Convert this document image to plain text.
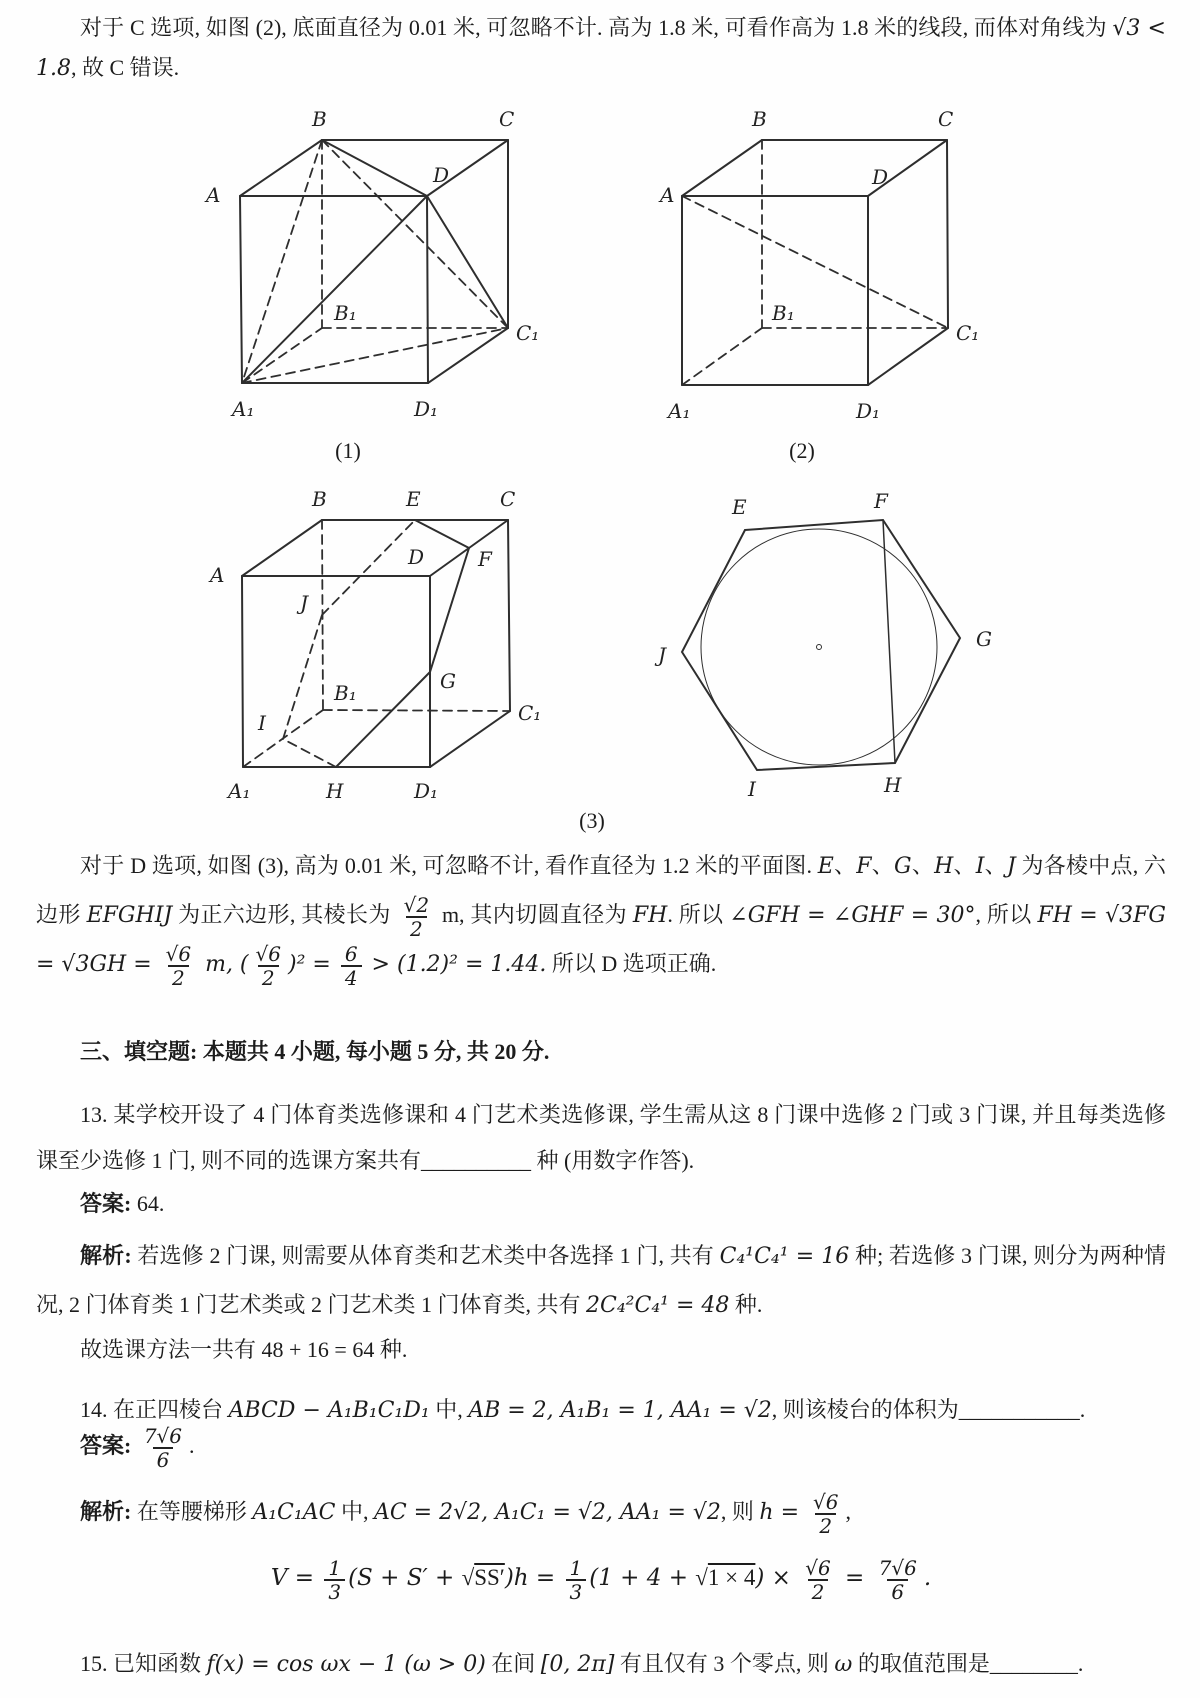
对于 C 选项, 如图 (2), 底面直径为 0.01 米, 可忽略不计. 高为 1.8 米, 可看作高为 1.8 米的线段, 而体对角线为 √3 < 1.8, 故 C 错误.

A
B	C
D
B₁
C₁
A₁	D₁
A
B	C
D
B₁
C₁
A₁	D₁

(1)	(2)

B	E	C
A
D	F
J
G
B₁
C₁
I
A₁	H	D₁
E	F
G
H
I
J

(3)

对于 D 选项, 如图 (3), 高为 0.01 米, 可忽略不计, 看作直径为 1.2 米的平面图. E、F、G、H、I、J 为各棱中点, 六边形 EFGHIJ 为正六边形, 其棱长为 $\frac{√2}{2} m$, 其内切圆直径为 FH. 所以 ∠GFH = ∠GHF = 30°, 所以 FH = $√3FG = √3GH = \frac{√6}{2} m$, ( $\frac{√6}{2} )^2 = \frac{6}{4} > (1.2)^2 = 1.44$. 所以 D 选项正确.

三、填空题: 本题共 4 小题, 每小题 5 分, 共 20 分.

13. 某学校开设了 4 门体育类选修课和 4 门艺术类选修课, 学生需从这 8 门课中选修 2 门或 3 门课, 并且每类选修课至少选修 1 门, 则不同的选课方案共有__________ 种 (用数字作答).

答案: 64.

解析: 若选修 2 门课, 则需要从体育类和艺术类中各选择 1 门, 共有 C₄¹C₄¹ = 16 种; 若选修 3 门课, 则分为两种情况, 2 门体育类 1 门艺术类或 2 门艺术类 1 门体育类, 共有 2C₄²C₄¹ = 48 种.

故选课方法一共有 48 + 16 = 64 种.

14. 在正四棱台 ABCD − A₁B₁C₁D₁ 中, AB = 2, A₁B₁ = 1, AA₁ = √2, 则该棱台的体积为___________.

答案: $\frac{7√6}{6}$ .

解析: 在等腰梯形 A₁C₁AC 中, AC = 2√2, A₁C₁ = √2, AA₁ = √2, 则 $h = \frac{√6}{2}$ ,

$V = \frac{1}{3} (S + S' + √SS')h = \frac{1}{3} (1 + 4 + √1 \times 4) \times \frac{√6}{2} = \frac{7√6}{6}$ .

15. 已知函数 f(x) = cos ωx − 1 (ω > 0) 在间 [0, 2π] 有且仅有 3 个零点, 则 ω 的取值范围是________.
